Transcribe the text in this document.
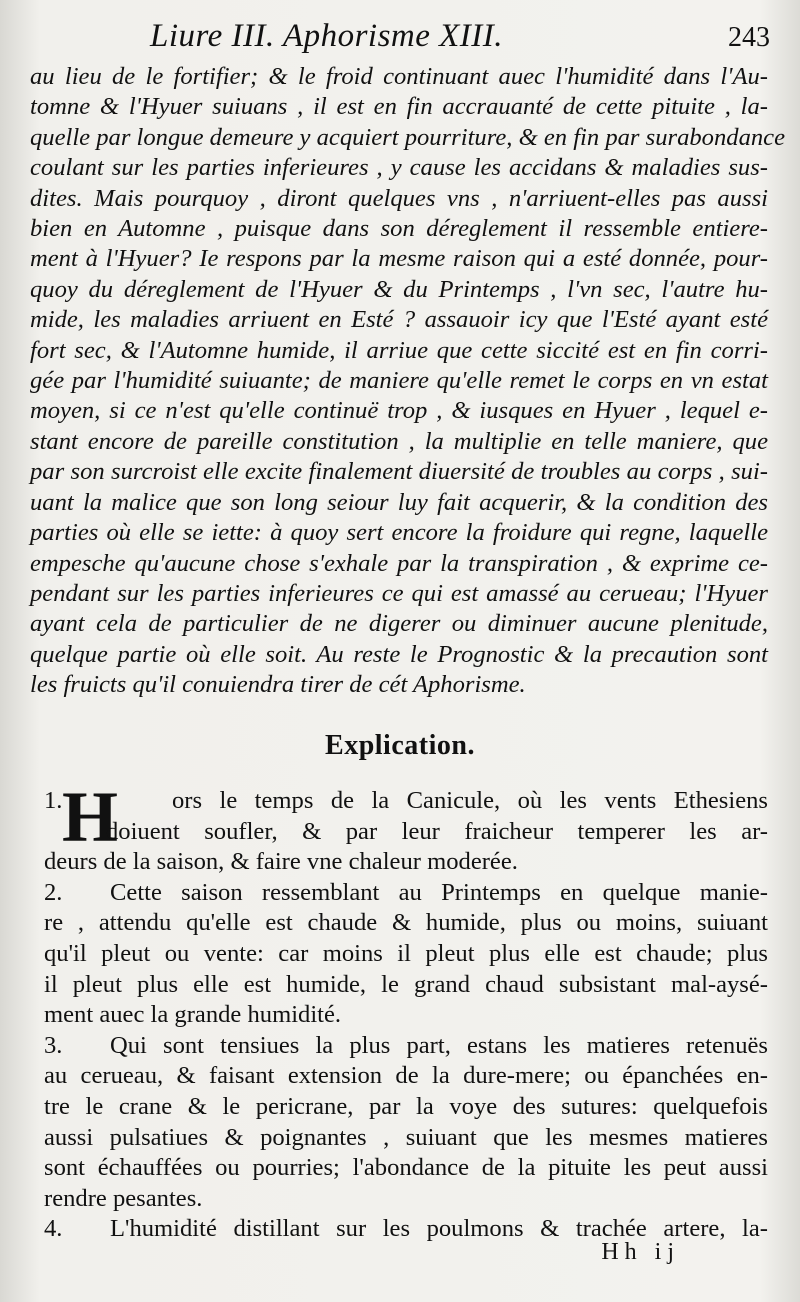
Liure III. Aphorisme XIII.	243
au lieu de le fortifier; & le froid continuant auec l'humidité dans l'Au-
tomne & l'Hyuer suiuans , il est en fin accrauanté de cette pituite , la-
quelle par longue demeure y acquiert pourriture, & en fin par surabondance
coulant sur les parties inferieures , y cause les accidans & maladies sus-
dites. Mais pourquoy , diront quelques vns , n'arriuent-elles pas aussi
bien en Automne , puisque dans son déreglement il ressemble entiere-
ment à l'Hyuer? Ie respons par la mesme raison qui a esté donnée, pour-
quoy du déreglement de l'Hyuer & du Printemps , l'vn sec, l'autre hu-
mide, les maladies arriuent en Esté ? assauoir icy que l'Esté ayant esté
fort sec, & l'Automne humide, il arriue que cette siccité est en fin corri-
gée par l'humidité suiuante; de maniere qu'elle remet le corps en vn estat
moyen, si ce n'est qu'elle continuë trop , & iusques en Hyuer , lequel e-
stant encore de pareille constitution , la multiplie en telle maniere, que
par son surcroist elle excite finalement diuersité de troubles au corps , sui-
uant la malice que son long seiour luy fait acquerir, & la condition des
parties où elle se iette: à quoy sert encore la froidure qui regne, laquelle
empesche qu'aucune chose s'exhale par la transpiration , & exprime ce-
pendant sur les parties inferieures ce qui est amassé au cerueau; l'Hyuer
ayant cela de particulier de ne digerer ou diminuer aucune plenitude,
quelque partie où elle soit. Au reste le Prognostic & la precaution sont
les fruicts qu'il conuiendra tirer de cét Aphorisme.
Explication.
H
1.	ors le temps de la Canicule, où les vents Ethesiens
doiuent soufler, & par leur fraicheur temperer les ar-
deurs de la saison, & faire vne chaleur moderée.
2. Cette saison ressemblant au Printemps en quelque manie-
re , attendu qu'elle est chaude & humide, plus ou moins, suiuant
qu'il pleut ou vente: car moins il pleut plus elle est chaude; plus
il pleut plus elle est humide, le grand chaud subsistant mal-aysé-
ment auec la grande humidité.
3. Qui sont tensiues la plus part, estans les matieres retenuës
au cerueau, & faisant extension de la dure-mere; ou épanchées en-
tre le crane & le pericrane, par la voye des sutures: quelquefois
aussi pulsatiues & poignantes , suiuant que les mesmes matieres
sont échauffées ou pourries; l'abondance de la pituite les peut aussi
rendre pesantes.
4. L'humidité distillant sur les poulmons & trachée artere, la-
Hh ij
